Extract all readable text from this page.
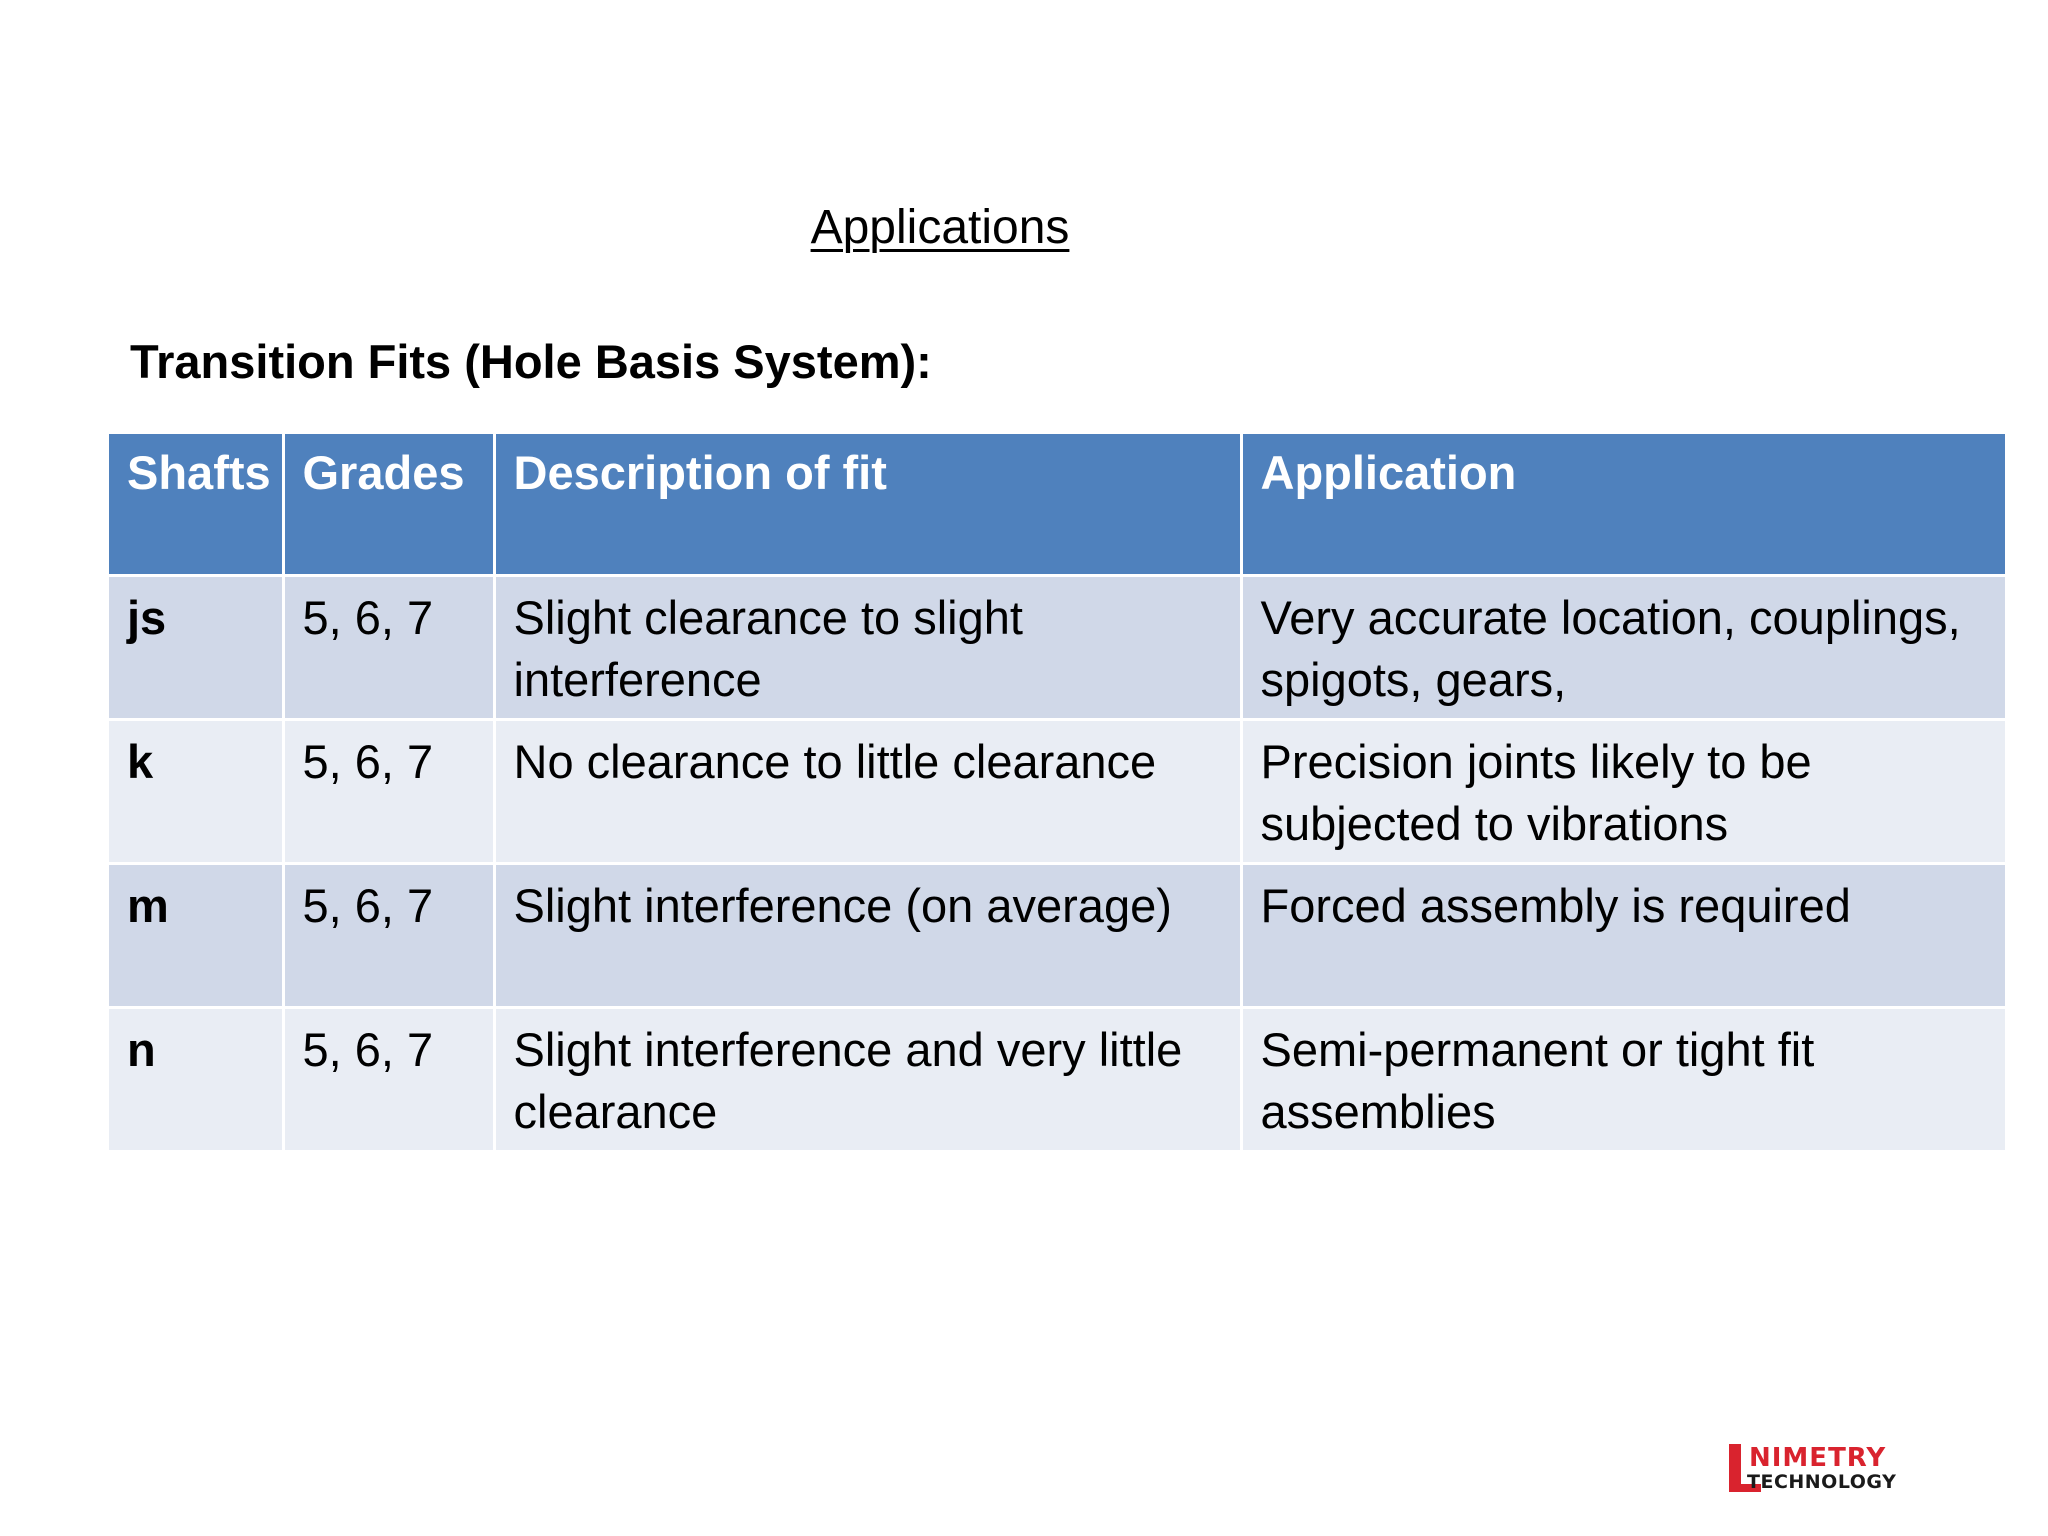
Applications
Transition Fits (Hole Basis System):
Shafts	Grades	Description of fit	Application
js	5, 6, 7	Slight clearance to slight interference	Very accurate location, couplings, spigots, gears,
k	5, 6, 7	No clearance to little clearance	Precision joints likely to be subjected to vibrations
m	5, 6, 7	Slight interference (on average)	Forced assembly is required
n	5, 6, 7	Slight interference and very little clearance	Semi-permanent or tight fit assemblies
NIMETRY
TECHNOLOGY
